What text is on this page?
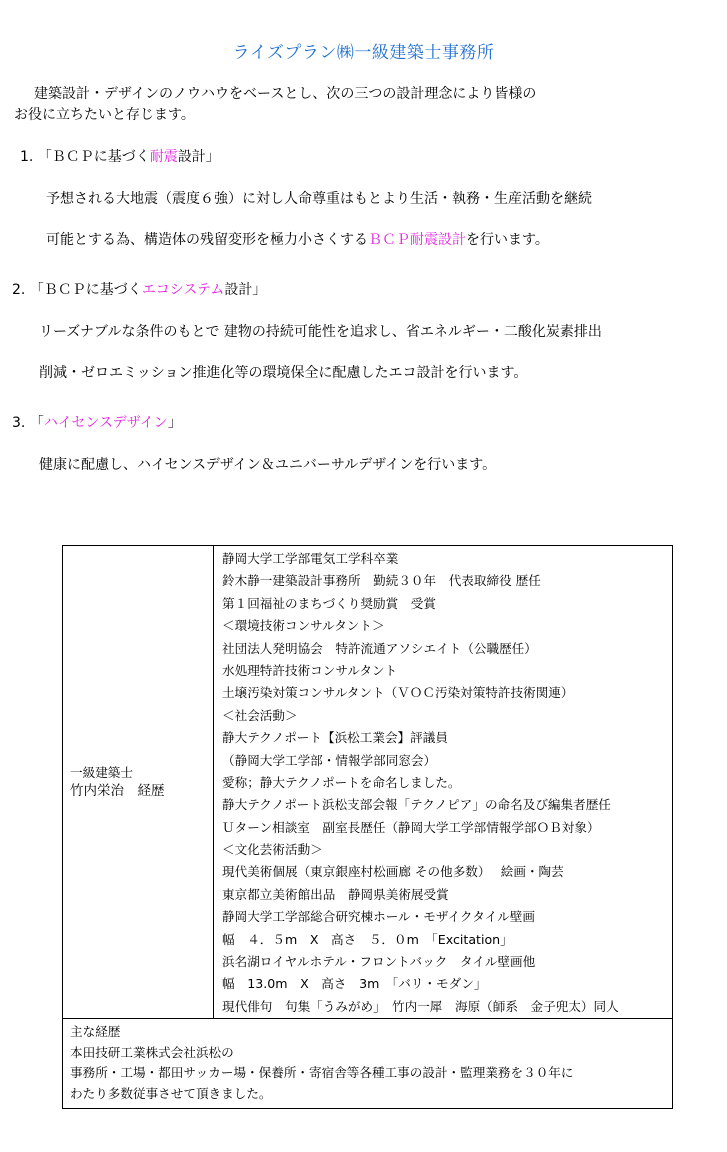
ライズプラン㈱一級建築士事務所
建築設計・デザインのノウハウをベースとし、次の三つの設計理念により皆様の
お役に立ちたいと存じます。
1. 「ＢＣＰに基づく耐震設計」
予想される大地震（震度６強）に対し人命尊重はもとより生活・執務・生産活動を継続
可能とする為、構造体の残留変形を極力小さくするＢＣＰ耐震設計を行います。
2. 「ＢＣＰに基づくエコシステム設計」
リーズナブルな条件のもとで 建物の持続可能性を追求し、省エネルギー・二酸化炭素排出
削減・ゼロエミッション推進化等の環境保全に配慮したエコ設計を行います。
3. 「ハイセンスデザイン」
健康に配慮し、ハイセンスデザイン＆ユニバーサルデザインを行います。
一級建築士
竹内栄治　経歴

静岡大学工学部電気工学科卒業
鈴木静一建築設計事務所　勤続３０年　代表取締役 歴任
第１回福祉のまちづくり奨励賞　受賞
＜環境技術コンサルタント＞
社団法人発明協会　特許流通アソシエイト（公職歴任）
水処理特許技術コンサルタント
土壌汚染対策コンサルタント（ＶＯＣ汚染対策特許技術関連）
＜社会活動＞
静大テクノポート【浜松工業会】評議員
（静岡大学工学部・情報学部同窓会）
愛称；静大テクノポートを命名しました。
静大テクノポート浜松支部会報「テクノピア」の命名及び編集者歴任
Ｕターン相談室　副室長歴任（静岡大学工学部情報学部ＯＢ対象）
＜文化芸術活動＞
現代美術個展（東京銀座村松画廊 その他多数）　 絵画・陶芸
東京都立美術館出品　静岡県美術展受賞
静岡大学工学部総合研究棟ホール・モザイクタイル壁画
幅　４．５m　X　高さ　５．０m　「Excitation」
浜名湖ロイヤルホテル・フロントバック　タイル壁画他
幅　13.0m　X　高さ　3m　「バリ・モダン」
現代俳句　句集「うみがめ」　竹内一犀　海原（師系　金子兜太）同人

主な経歴
本田技研工業株式会社浜松の
事務所・工場・都田サッカー場・保養所・寄宿舎等各種工事の設計・監理業務を３０年に
わたり多数従事させて頂きました。
